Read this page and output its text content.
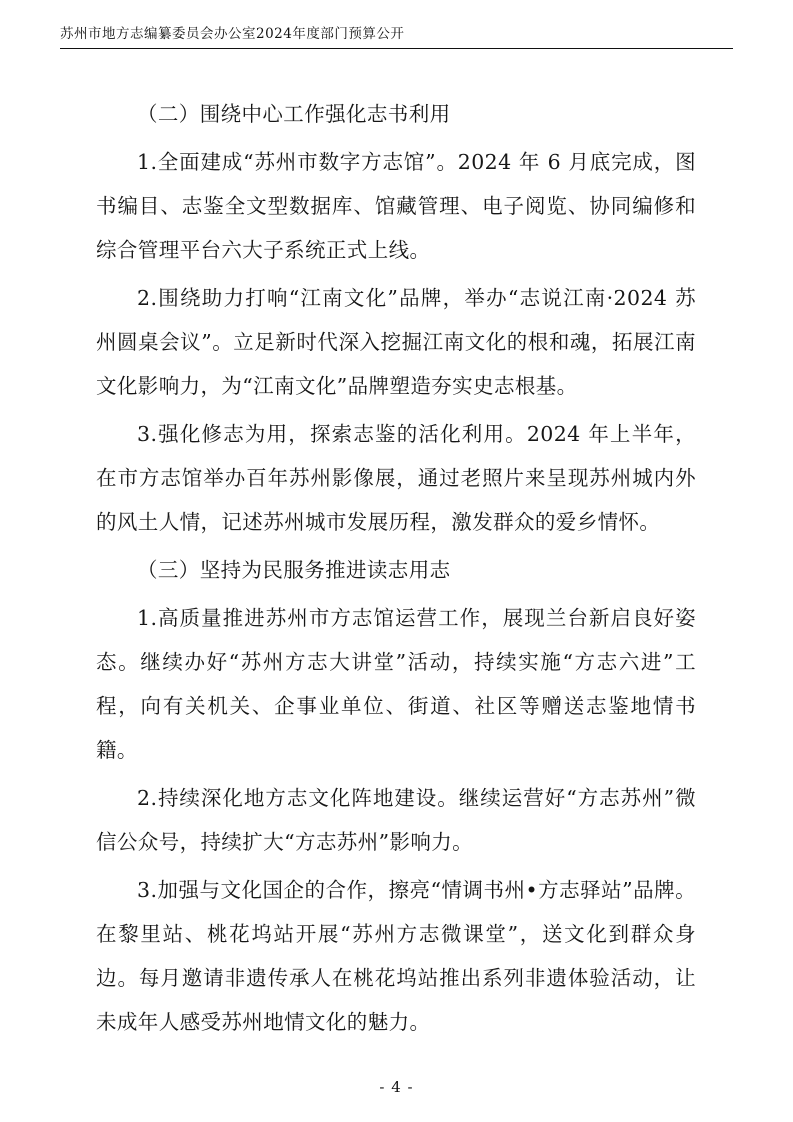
苏州市地方志编纂委员会办公室2024年度部门预算公开

（二）围绕中心工作强化志书利用

1.全面建成“苏州市数字方志馆”。2024 年 6 月底完成，图书编目、志鉴全文型数据库、馆藏管理、电子阅览、协同编修和综合管理平台六大子系统正式上线。

2.围绕助力打响“江南文化”品牌，举办“志说江南·2024 苏州圆桌会议”。立足新时代深入挖掘江南文化的根和魂，拓展江南文化影响力，为“江南文化”品牌塑造夯实史志根基。

3.强化修志为用，探索志鉴的活化利用。2024 年上半年，在市方志馆举办百年苏州影像展，通过老照片来呈现苏州城内外的风土人情，记述苏州城市发展历程，激发群众的爱乡情怀。

（三）坚持为民服务推进读志用志

1.高质量推进苏州市方志馆运营工作，展现兰台新启良好姿态。继续办好“苏州方志大讲堂”活动，持续实施“方志六进”工程，向有关机关、企事业单位、街道、社区等赠送志鉴地情书籍。

2.持续深化地方志文化阵地建设。继续运营好“方志苏州”微信公众号，持续扩大“方志苏州”影响力。

3.加强与文化国企的合作，擦亮“情调书州•方志驿站”品牌。在黎里站、桃花坞站开展“苏州方志微课堂”，送文化到群众身边。每月邀请非遗传承人在桃花坞站推出系列非遗体验活动，让未成年人感受苏州地情文化的魅力。

- 4 -
